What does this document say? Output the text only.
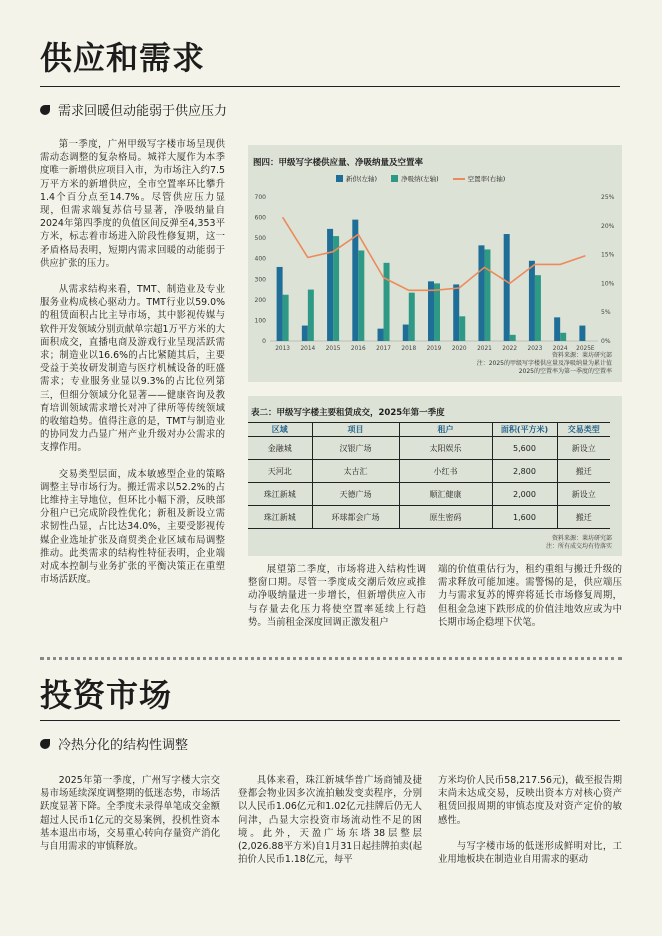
供应和需求
需求回暖但动能弱于供应压力

第一季度，广州甲级写字楼市场呈现供需动态调整的复杂格局。城祥大厦作为本季度唯一新增供应项目入市，为市场注入约7.5万平方米的新增供应，全市空置率环比攀升1.4个百分点至14.7%。尽管供应压力显现，但需求端复苏信号显著，净吸纳量自2024年第四季度的负值区间反弹至4,353平方米，标志着市场进入阶段性修复期，这一矛盾格局表明，短期内需求回暖的动能弱于供应扩张的压力。

从需求结构来看，TMT、制造业及专业服务业构成核心驱动力。TMT行业以59.0%的租赁面积占比主导市场，其中影视传媒与软件开发领域分别贡献单宗超1万平方米的大面积成交，直播电商及游戏行业呈现活跃需求；制造业以16.6%的占比紧随其后，主要受益于美妆研发制造与医疗机械设备的旺盛需求；专业服务业显以9.3%的占比位列第三，但细分领域分化显著——健康咨询及教育培训领域需求增长对冲了律所等传统领域的收缩趋势。值得注意的是，TMT与制造业的协同发力凸显广州产业升级对办公需求的支撑作用。

交易类型层面，成本敏感型企业的策略调整主导市场行为。搬迁需求以52.2%的占比维持主导地位，但环比小幅下滑，反映部分租户已完成阶段性优化；新租及新设立需求韧性凸显，占比达34.0%，主要受影视传媒企业选址扩张及商贸类企业区域布局调整推动。此类需求的结构性特征表明，企业端对成本控制与业务扩张的平衡决策正在重塑市场活跃度。

图四：甲级写字楼供应量、净吸纳量及空置率
新供(左轴)	净吸纳(左轴)	空置率(右轴)
0
100
200
300
400
500
600
700
0%
5%
10%
15%
20%
25%
2013 2014 2015 2016 2017 2018 2019 2020 2021 2022 2023 2024 2025E
资料来源：莱坊研究部
注：2025的甲级写字楼供应量及净吸纳量为累计值
2025的空置率为第一季度的空置率
表二：甲级写字楼主要租赁成交，2025年第一季度
区域	项目	租户	面积(平方米)	交易类型
金融城	汉银广场	太阳娱乐	5,600	新设立
天河北	太古汇	小红书	2,800	搬迁
珠江新城	天德广场	顺汇健康	2,000	新设立
珠江新城	环球都会广场	原生密码	1,600	搬迁
资料来源：莱坊研究部
注：所有成交均有待落实

展望第二季度，市场将进入结构性调整窗口期。尽管一季度成交潮后效应或推动净吸纳量进一步增长，但新增供应入市与存量去化压力将使空置率延续上行趋势。当前租金深度回调正激发租户

端的价值重估行为，租约重组与搬迁升级的需求释放可能加速。需警惕的是，供应端压力与需求复苏的博弈将延长市场修复周期，但租金急速下跌形成的价值洼地效应或为中长期市场企稳埋下伏笔。

投资市场
冷热分化的结构性调整

2025年第一季度，广州写字楼大宗交易市场延续深度调整期的低迷态势，市场活跃度显著下降。全季度未录得单笔成交金额超过人民币1亿元的交易案例，投机性资本基本退出市场，交易重心转向存量资产消化与自用需求的审慎释放。

具体来看，珠江新城华普广场商铺及捷登都会物业因多次流拍触发变卖程序，分别以人民币1.06亿元和1.02亿元挂牌后仍无人问津，凸显大宗投资市场流动性不足的困境。此外，天盈广场东塔38层整层(2,026.88平方米)自1月31日起挂牌拍卖(起拍价人民币1.18亿元，每平

方米均价人民币58,217.56元)，截至报告期末尚未达成交易，反映出资本方对核心资产租赁回报周期的审慎态度及对资产定价的敏感性。

与写字楼市场的低迷形成鲜明对比，工业用地板块在制造业自用需求的驱动
